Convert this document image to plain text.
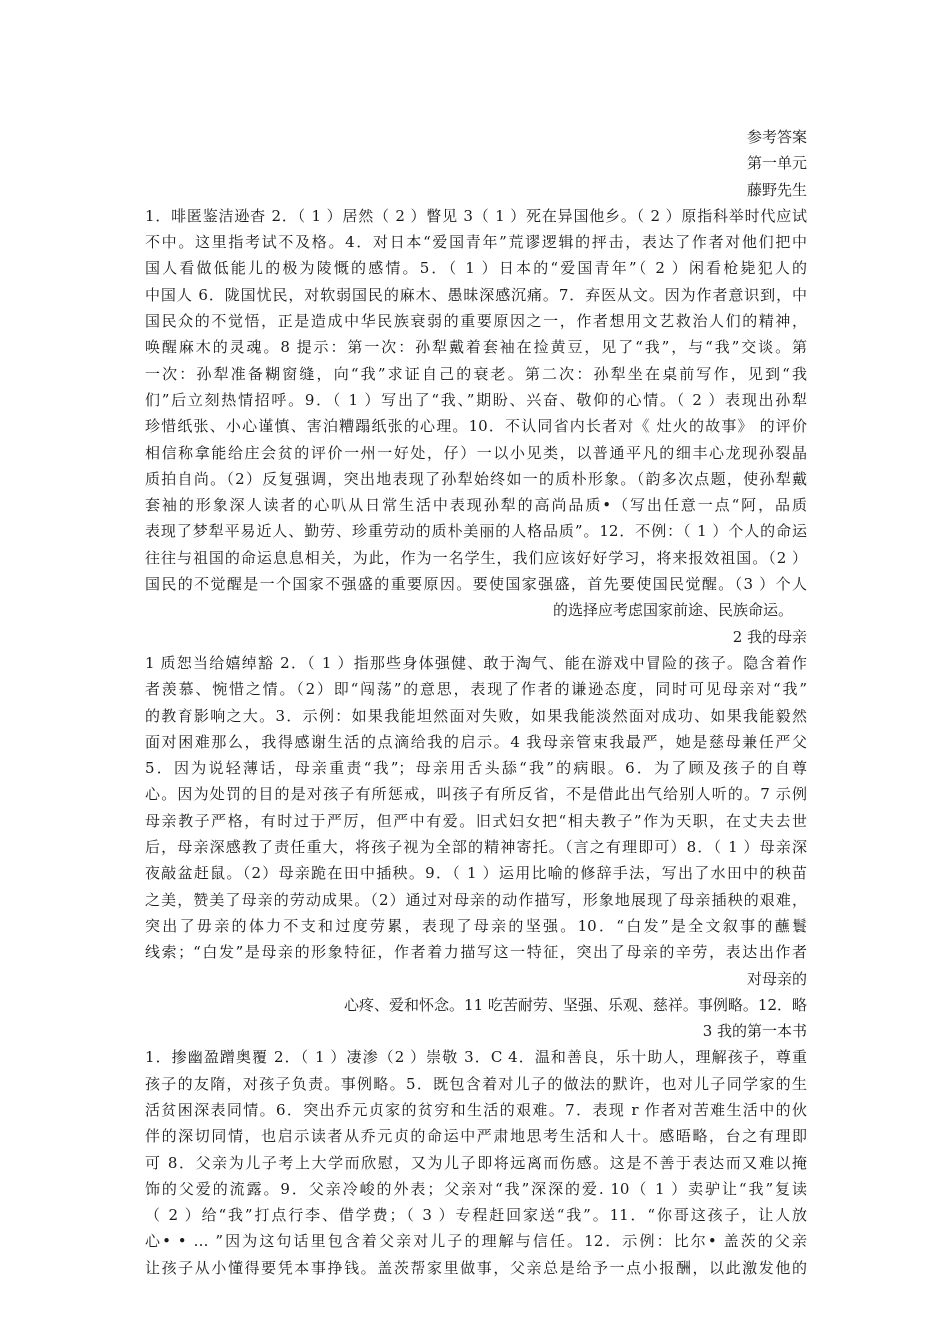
参考答案
第一单元
藤野先生
1．啡匿鉴洁逊杳 2．（ 1 ）居然（ 2 ）瞥见 3（ 1 ）死在异国他乡。（ 2 ）原指科举时代应试
不中。这里指考试不及格。4．对日本“爱国青年”荒谬逻辑的抨击，表达了作者对他们把中
国人看做低能儿的极为陵慨的感情。5．（ 1 ）日本的“爱国青年”（ 2 ）闲看枪毙犯人的
中国人 6．陇国忧民，对软弱国民的麻木、愚昧深感沉痛。7．弃医从文。因为作者意识到，中
国民众的不觉悟，正是造成中华民族衰弱的重要原因之一，作者想用文艺救治人们的精神，
唤醒麻木的灵魂。8 提示：第一次：孙犁戴着套袖在捡黄豆，见了“我”，与“我”交谈。第
一次：孙犁准备糊窗缝，向“我”求证自己的衰老。第二次：孙犁坐在桌前写作，见到“我
们”后立刻热情招呼。9．（ 1 ）写出了“我、”期盼、兴奋、敬仰的心情。（ 2 ）表现出孙犁
珍惜纸张、小心谨慎、害泊糟蹋纸张的心理。10．不认同省内长者对《 灶火的故事》 的评价
相信称拿能给庄会贫的评价一州一好处，仔）一以小见类，以普通平凡的细丰心龙现孙裂晶
质拍自尚。（2）反复强调，突出地表现了孙犁始终如一的质朴形象。（韵多次点题，使孙犁戴
套袖的形象深人读者的心叭从日常生活中表现孙犁的高尚品质•（写出任意一点“阿，品质
表现了梦犁平易近人、勤劳、珍重劳动的质朴美丽的人格品质”。12．不例：（ 1 ）个人的命运
往往与祖国的命运息息相关，为此，作为一名学生，我们应该好好学习，将来报效祖国。（2 ）
国民的不觉醒是一个国家不强盛的重要原因。要使国家强盛，首先要使国民觉醒。（3 ）个人
的选择应考虑国家前途、民族命运。
2 我的母亲
1 质恕当给嬉绰豁 2．（ 1 ）指那些身体强健、敢于淘气、能在游戏中冒险的孩子。隐含着作
者羡慕、惋惜之情。（2）即“闯荡”的意思，表现了作者的谦逊态度，同时可见母亲对“我”
的教育影响之大。3．示例：如果我能坦然面对失败，如果我能淡然面对成功、如果我能毅然
面对困难那么，我得感谢生活的点滴给我的启示。4 我母亲管束我最严，她是慈母兼任严父
5．因为说轻薄话，母亲重责“我”；母亲用舌头舔“我”的病眼。6．为了顾及孩子的自尊
心。因为处罚的目的是对孩子有所惩戒，叫孩子有所反省，不是借此出气给别人听的。7 示例
母亲教子严格，有时过于严厉，但严中有爱。旧式妇女把“相夫教子”作为天职，在丈夫去世
后，母亲深感教了责任重大，将孩子视为全部的精神寄托。（言之有理即可）8．（ 1 ）母亲深
夜敲盆赶鼠。（2）母亲跪在田中插秧。9．（ 1 ）运用比喻的修辞手法，写出了水田中的秧苗
之美，赞美了母亲的劳动成果。（2）通过对母亲的动作描写，形象地展现了母亲插秧的艰难，
突出了毋亲的体力不支和过度劳累，表现了母亲的坚强。10．“白发”是全文叙事的蘸鬟
线索；“白发”是母亲的形象特征，作者着力描写这一特征，突出了母亲的辛劳，表达出作者
对母亲的
心疼、爱和怀念。11 吃苦耐劳、坚强、乐观、慈祥。事例略。12．略
3 我的第一本书
1．掺幽盈蹭奥覆 2．（ 1 ）凄渗（2 ）崇敬 3．C 4．温和善良，乐十助人，理解孩子，尊重
孩子的友隋，对孩子负责。事例略。5．既包含着对儿子的做法的默许，也对儿子同学家的生
活贫困深表同情。6．突出乔元贞家的贫穷和生活的艰难。7．表现 r 作者对苦难生活中的伙
伴的深切同情，也启示读者从乔元贞的命运中严肃地思考生活和人十。感晤略，台之有理即
可 8．父亲为儿子考上大学而欣慰，又为儿子即将远离而伤感。这是不善于表达而又难以掩
饰的父爱的流露。9．父亲冷峻的外表；父亲对“我”深深的爱. 10（ 1 ）卖驴让“我”复读
（ 2 ）给“我”打点行李、借学费；（ 3 ）专程赶回家送“我”。11．“你哥这孩子，让人放
心• • … ”因为这句话里包含着父亲对儿子的理解与信任。12．示例：比尔• 盖茨的父亲
让孩子从小懂得要凭本事挣钱。盖茨帮家里做事，父亲总是给予一点小报酬，以此激发他的
